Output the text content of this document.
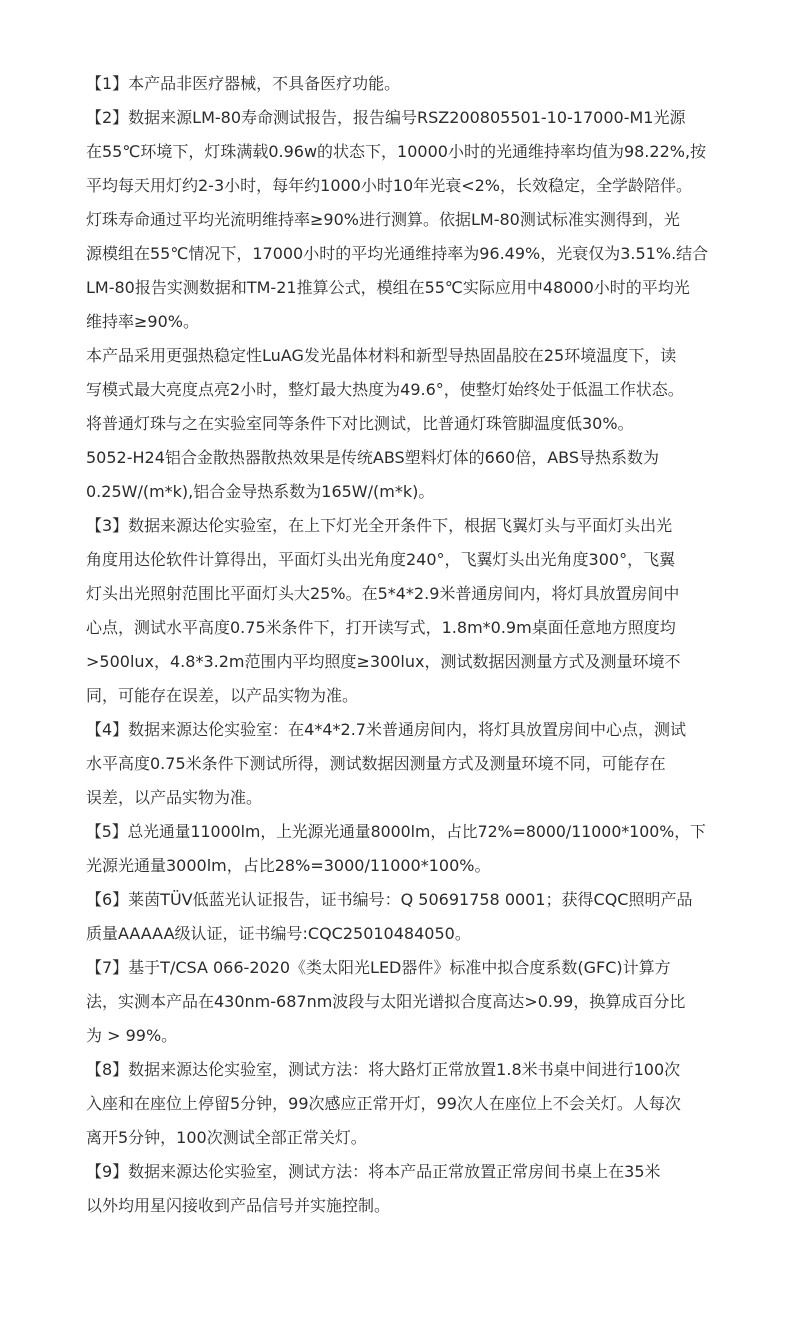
【1】本产品非医疗器械，不具备医疗功能。
【2】数据来源LM-80寿命测试报告，报告编号RSZ200805501-10-17000-M1光源
在55℃环境下，灯珠满载0.96w的状态下，10000小时的光通维持率均值为98.22%,按
平均每天用灯约2-3小时，每年约1000小时10年光衰<2%，长效稳定，全学龄陪伴。
灯珠寿命通过平均光流明维持率≥90%进行测算。依据LM-80测试标准实测得到，光
源模组在55℃情况下，17000小时的平均光通维持率为96.49%，光衰仅为3.51%.结合
LM-80报告实测数据和TM-21推算公式，模组在55℃实际应用中48000小时的平均光
维持率≥90%。
本产品采用更强热稳定性LuAG发光晶体材料和新型导热固晶胶在25环境温度下，读
写模式最大亮度点亮2小时，整灯最大热度为49.6°，使整灯始终处于低温工作状态。
将普通灯珠与之在实验室同等条件下对比测试，比普通灯珠管脚温度低30%。
5052-H24铝合金散热器散热效果是传统ABS塑料灯体的660倍，ABS导热系数为
0.25W/(m*k),铝合金导热系数为165W/(m*k)。
【3】数据来源达伦实验室，在上下灯光全开条件下，根据飞翼灯头与平面灯头出光
角度用达伦软件计算得出，平面灯头出光角度240°，飞翼灯头出光角度300°，飞翼
灯头出光照射范围比平面灯头大25%。在5*4*2.9米普通房间内，将灯具放置房间中
心点，测试水平高度0.75米条件下，打开读写式，1.8m*0.9m桌面任意地方照度均
>500lux，4.8*3.2m范围内平均照度≥300lux，测试数据因测量方式及测量环境不
同，可能存在误差，以产品实物为准。
【4】数据来源达伦实验室：在4*4*2.7米普通房间内，将灯具放置房间中心点，测试
水平高度0.75米条件下测试所得，测试数据因测量方式及测量环境不同，可能存在
误差，以产品实物为准。
【5】总光通量11000lm，上光源光通量8000lm，占比72%=8000/11000*100%，下
光源光通量3000lm，占比28%=3000/11000*100%。
【6】莱茵TÜV低蓝光认证报告，证书编号：Q 50691758 0001；获得CQC照明产品
质量AAAAA级认证，证书编号:CQC25010484050。
【7】基于T/CSA 066-2020《类太阳光LED器件》标准中拟合度系数(GFC)计算方
法，实测本产品在430nm-687nm波段与太阳光谱拟合度高达>0.99，换算成百分比
为 > 99%。
【8】数据来源达伦实验室，测试方法：将大路灯正常放置1.8米书桌中间进行100次
入座和在座位上停留5分钟，99次感应正常开灯，99次人在座位上不会关灯。人每次
离开5分钟，100次测试全部正常关灯。
【9】数据来源达伦实验室，测试方法：将本产品正常放置正常房间书桌上在35米
以外均用星闪接收到产品信号并实施控制。
